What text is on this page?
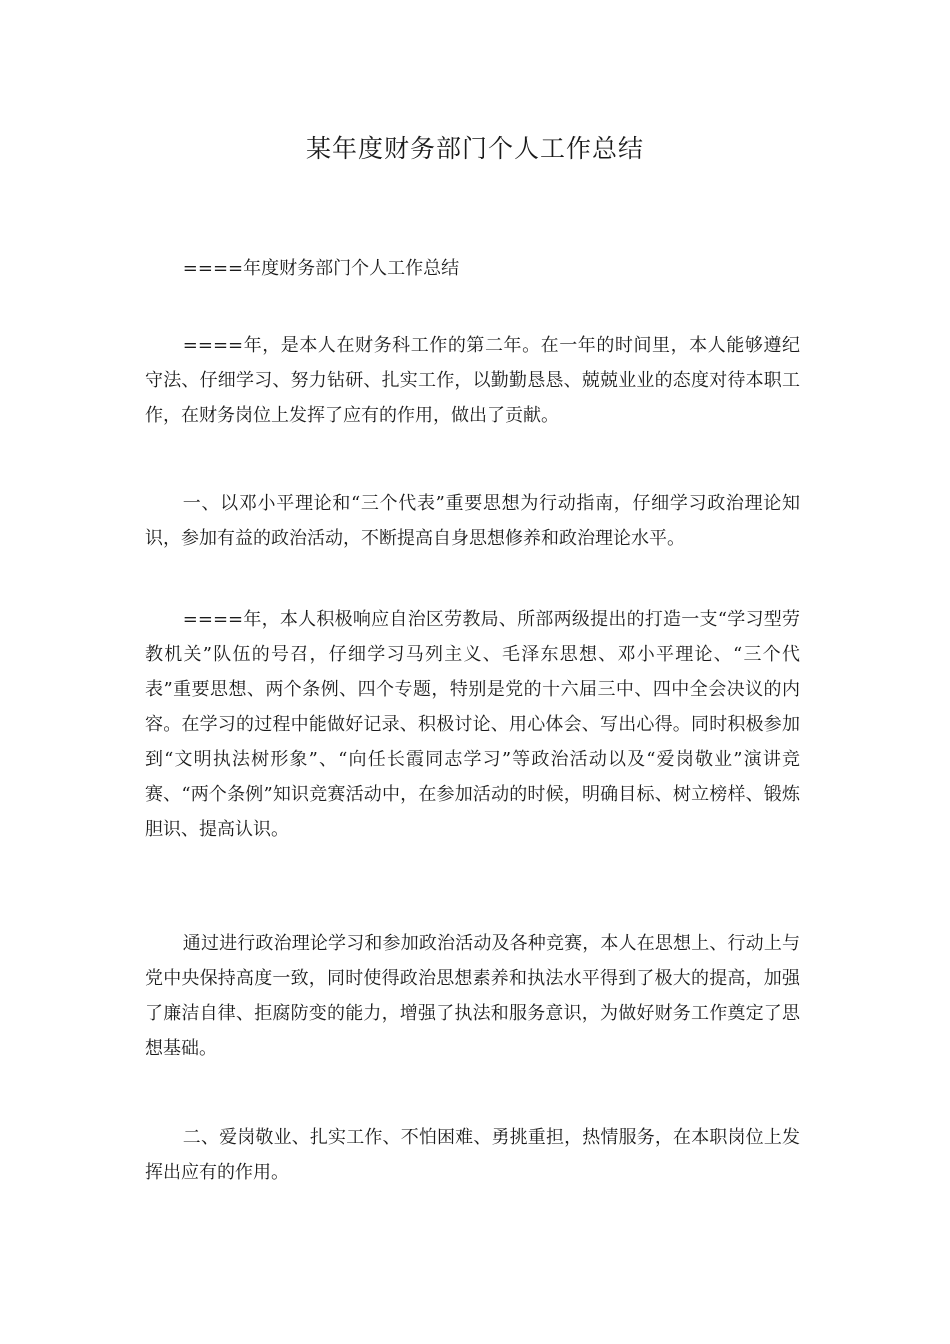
某年度财务部门个人工作总结

====年度财务部门个人工作总结

====年，是本人在财务科工作的第二年。在一年的时间里，本人能够遵纪守法、仔细学习、努力钻研、扎实工作，以勤勤恳恳、兢兢业业的态度对待本职工作，在财务岗位上发挥了应有的作用，做出了贡献。

一、以邓小平理论和“三个代表”重要思想为行动指南，仔细学习政治理论知识，参加有益的政治活动，不断提高自身思想修养和政治理论水平。

====年，本人积极响应自治区劳教局、所部两级提出的打造一支“学习型劳教机关”队伍的号召，仔细学习马列主义、毛泽东思想、邓小平理论、“三个代表”重要思想、两个条例、四个专题，特别是党的十六届三中、四中全会决议的内容。在学习的过程中能做好记录、积极讨论、用心体会、写出心得。同时积极参加到“文明执法树形象”、“向任长霞同志学习”等政治活动以及“爱岗敬业”演讲竞赛、“两个条例”知识竞赛活动中，在参加活动的时候，明确目标、树立榜样、锻炼胆识、提高认识。

通过进行政治理论学习和参加政治活动及各种竞赛，本人在思想上、行动上与党中央保持高度一致，同时使得政治思想素养和执法水平得到了极大的提高，加强了廉洁自律、拒腐防变的能力，增强了执法和服务意识，为做好财务工作奠定了思想基础。

二、爱岗敬业、扎实工作、不怕困难、勇挑重担，热情服务，在本职岗位上发挥出应有的作用。
